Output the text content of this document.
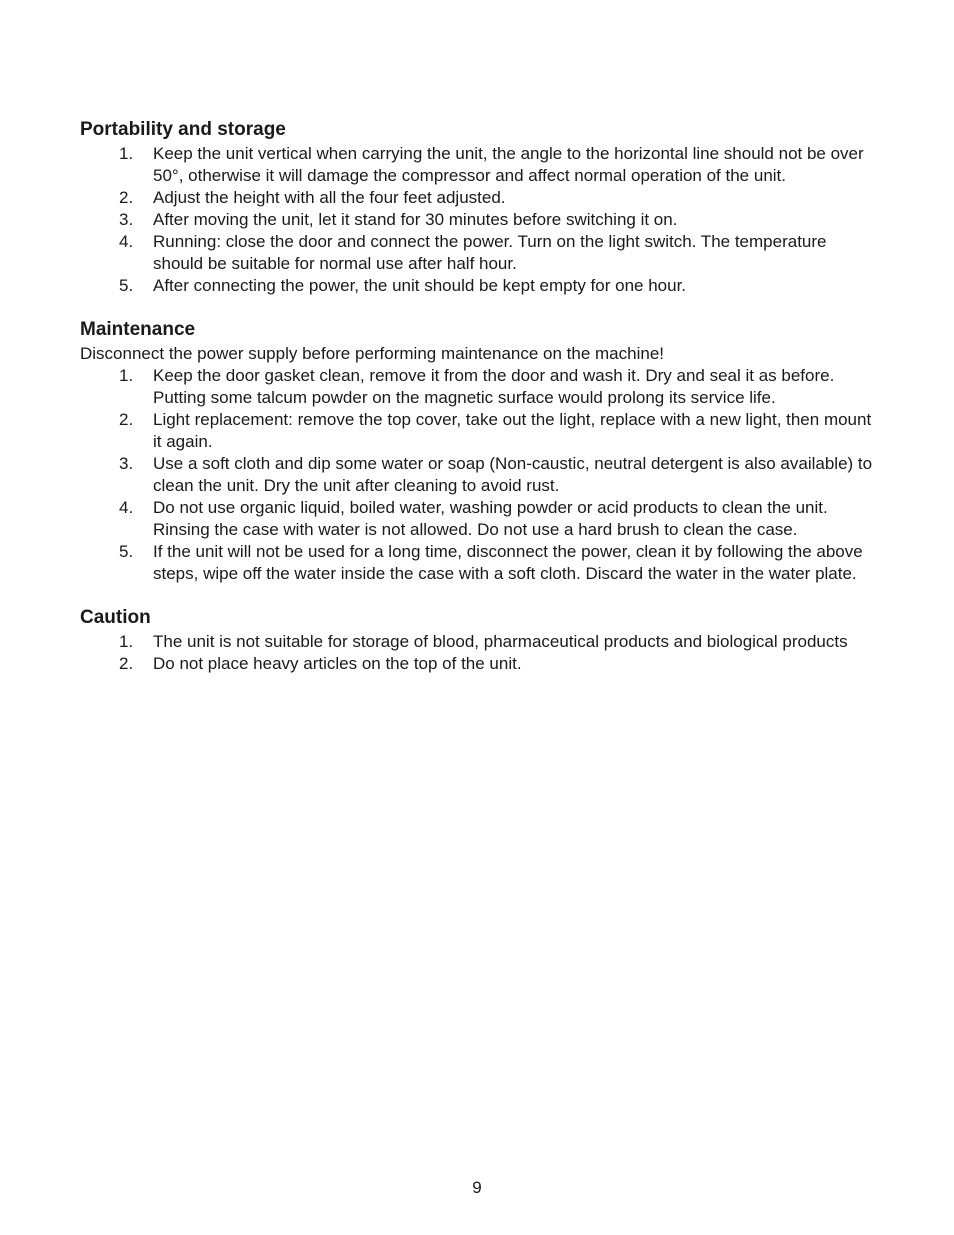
Portability and storage
1. Keep the unit vertical when carrying the unit, the angle to the horizontal line should not be over 50°, otherwise it will damage the compressor and affect normal operation of the unit.
2. Adjust the height with all the four feet adjusted.
3. After moving the unit, let it stand for 30 minutes before switching it on.
4. Running: close the door and connect the power. Turn on the light switch. The temperature should be suitable for normal use after half hour.
5. After connecting the power, the unit should be kept empty for one hour.
Maintenance

Disconnect the power supply before performing maintenance on the machine!

1. Keep the door gasket clean, remove it from the door and wash it. Dry and seal it as before. Putting some talcum powder on the magnetic surface would prolong its service life.
2. Light replacement: remove the top cover, take out the light, replace with a new light, then mount it again.
3. Use a soft cloth and dip some water or soap (Non-caustic, neutral detergent is also available) to clean the unit. Dry the unit after cleaning to avoid rust.
4. Do not use organic liquid, boiled water, washing powder or acid products to clean the unit. Rinsing the case with water is not allowed. Do not use a hard brush to clean the case.
5. If the unit will not be used for a long time, disconnect the power, clean it by following the above steps, wipe off the water inside the case with a soft cloth. Discard the water in the water plate.
Caution
1. The unit is not suitable for storage of blood, pharmaceutical products and biological products
2. Do not place heavy articles on the top of the unit.
9
